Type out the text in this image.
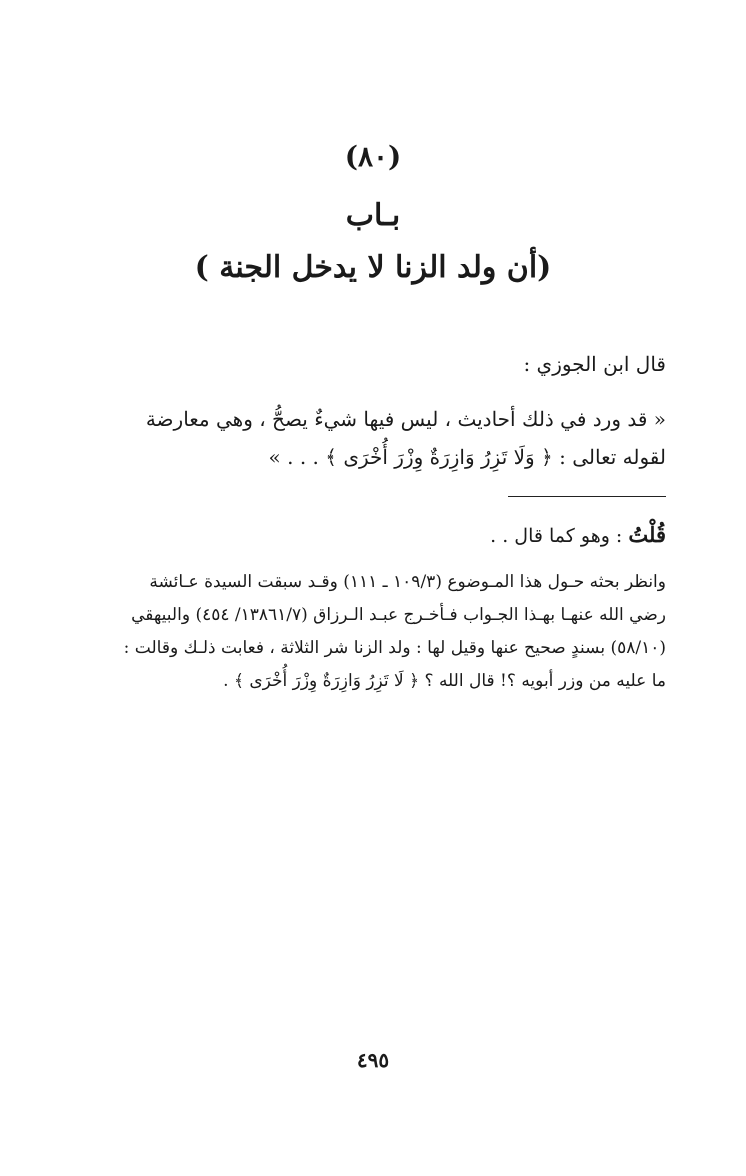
(٨٠)
بـاب
(أن ولد الزنا لا يدخل الجنة )
قال ابن الجوزي :

« قد ورد في ذلك أحاديث ، ليس فيها شيءٌ يصحُّ ، وهي معارضة

لقوله تعالى : ﴿ وَلَا تَزِرُ وَازِرَةٌ وِزْرَ أُخْرَى ﴾ . . . »

قُلْتُ : وهو كما قال . .

وانظر بحثه حـول هذا المـوضوع (١٠٩/٣ ـ ١١١) وقـد سبقت السيدة عـائشة

رضي الله عنهـا بهـذا الجـواب فـأخـرج عبـد الـرزاق (١٣٨٦١/٧/ ٤٥٤) والبيهقي

(٥٨/١٠) بسندٍ صحيح عنها وقيل لها : ولد الزنا شر الثلاثة ، فعابت ذلـك وقالت :

ما عليه من وزر أبويه ؟! قال الله ؟ ﴿ لَا تَزِرُ وَازِرَةٌ وِزْرَ أُخْرَى ﴾ .

٤٩٥
